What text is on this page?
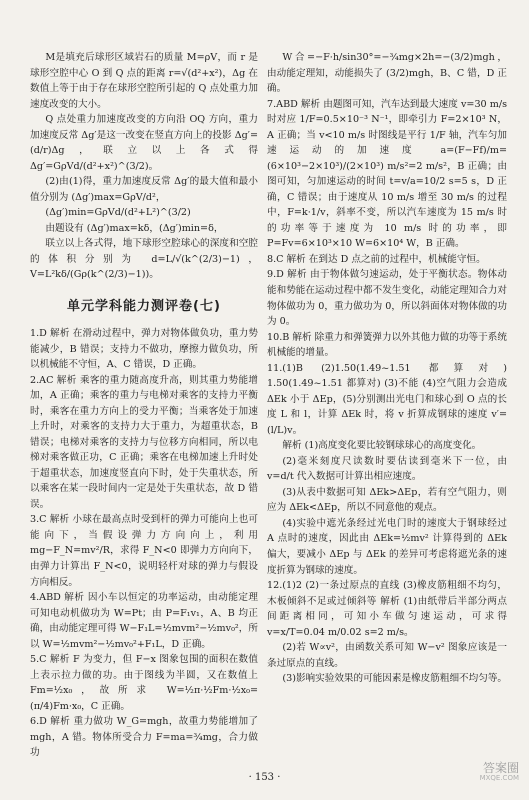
M是填充后球形区域岩石的质量 M=ρV，而 r 是球形空腔中心 O 到 Q 点的距离 r=√(d²+x²)，Δg 在数值上等于由于存在球形空腔所引起的 Q 点处重力加速度改变的大小。

Q 点处重力加速度改变的方向沿 OQ 方向，重力加速度反常 Δg′是这一改变在竖直方向上的投影 Δg′=(d/r)Δg，联立以上各式得 Δg′=GρVd/(d²+x²)^(3/2)。

(2)由(1)得，重力加速度反常 Δg′的最大值和最小值分别为 (Δg′)max=GρV/d²，

(Δg′)min=GρVd/(d²+L²)^(3/2)

由题设有 (Δg′)max=kδ，(Δg′)min=δ，

联立以上各式得，地下球形空腔球心的深度和空腔的体积分别为 d=L/√(k^(2/3)−1)，V=L²kδ/(Gρ(k^(2/3)−1))。

单元学科能力测评卷(七)

1.D 解析 在滑动过程中，弹力对物体做负功，重力势能减少，B 错误；支持力不做功，摩擦力做负功，所以机械能不守恒，A、C 错误，D 正确。

2.AC 解析 乘客的重力随高度升高，则其重力势能增加，A 正确；乘客的重力与电梯对乘客的支持力平衡时，乘客在重力方向上的受力平衡；当乘客处于加速上升时，对乘客的支持力大于重力，为超重状态，B 错误；电梯对乘客的支持力与位移方向相同，所以电梯对乘客做正功，C 正确；乘客在电梯加速上升时处于超重状态，加速度竖直向下时，处于失重状态，所以乘客在某一段时间内一定是处于失重状态，故 D 错误。

3.C 解析 小球在最高点时受到杆的弹力可能向上也可能向下，当假设弹力方向向上，利用 mg−F_N=mv²/R，求得 F_N<0 即弹力方向向下，由弹力计算出 F_N<0，说明轻杆对球的弹力与假设方向相反。

4.ABD 解析 因小车以恒定的功率运动，由动能定理可知电动机做功为 W=Pt；由 P=F₁v₁，A、B 均正确，由动能定理可得 W−F₁L=½mvm²−½mv₀²，所以 W=½mvm²−½mv₀²+F₁L，D 正确。

5.C 解析 F 为变力，但 F−x 图象包围的面积在数值上表示拉力做的功。由于图线为半圆，又在数值上 Fm=½x₀，故所求 W=½π·½Fm·½x₀=(π/4)Fm·x₀，C 正确。

6.D 解析 重力做功 W_G=mgh，故重力势能增加了 mgh，A 错。物体所受合力 F=ma=¾mg，合力做功

W合=−F·h/sin30°=−¾mg×2h=−(3/2)mgh，由动能定理知，动能损失了 (3/2)mgh，B、C 错，D 正确。

7.ABD 解析 由题图可知，汽车达到最大速度 v=30 m/s 时对应 1/F=0.5×10⁻³ N⁻¹，即牵引力 F=2×10³ N，A 正确；当 v<10 m/s 时图线是平行 1/F 轴，汽车匀加速运动的加速度 a=(F−Ff)/m=(6×10³−2×10³)/(2×10³) m/s²=2 m/s²，B 正确；由图可知，匀加速运动的时间 t=v/a=10/2 s=5 s，D 正确，C 错误；由于速度从 10 m/s 增至 30 m/s 的过程中，F=k·1/v，斜率不变，所以汽车速度为 15 m/s 时的功率等于速度为 10 m/s 时的功率，即 P=Fv=6×10³×10 W=6×10⁴ W，B 正确。

8.C 解析 在到达 D 点之前的过程中，机械能守恒。

9.D 解析 由于物体做匀速运动，处于平衡状态。物体动能和势能在运动过程中都不发生变化，动能定理知合力对物体做功为 0，重力做功为 0，所以斜面体对物体做的功为 0。

10.B 解析 除重力和弹簧弹力以外其他力做的功等于系统机械能的增量。

11.(1)B (2)1.50(1.49~1.51 都算对) 1.50(1.49~1.51 都算对) (3)不能 (4)空气阻力会造成 ΔEk 小于 ΔEp，(5)分别测出光电门和球心到 O 点的长度 L 和 l，计算 ΔEk 时，将 v 折算成钢球的速度 v′=(l/L)v。

解析 (1)高度变化要比较钢球球心的高度变化。

(2)毫米刻度尺读数时要估读到毫米下一位，由 v=d/t 代入数据可计算出相应速度。

(3)从表中数据可知 ΔEk>ΔEp，若有空气阻力，则应为 ΔEk<ΔEp，所以不同意他的观点。

(4)实验中遮光条经过光电门时的速度大于钢球经过 A 点时的速度，因此由 ΔEk=½mv² 计算得到的 ΔEk 偏大，要减小 ΔEp 与 ΔEk 的差异可考虑将遮光条的速度折算为钢球的速度。

12.(1)2 (2)一条过原点的直线 (3)橡皮筋粗细不均匀，木板倾斜不足或过倾斜等 解析 (1)由纸带后半部分两点间距离相同，可知小车做匀速运动，可求得 v=x/T=0.04 m/0.02 s=2 m/s。

(2)若 W∝v²，由函数关系可知 W−v² 图象应该是一条过原点的直线。

(3)影响实验效果的可能因素是橡皮筋粗细不均匀等。

· 153 ·
答案圈
MXQE.COM
